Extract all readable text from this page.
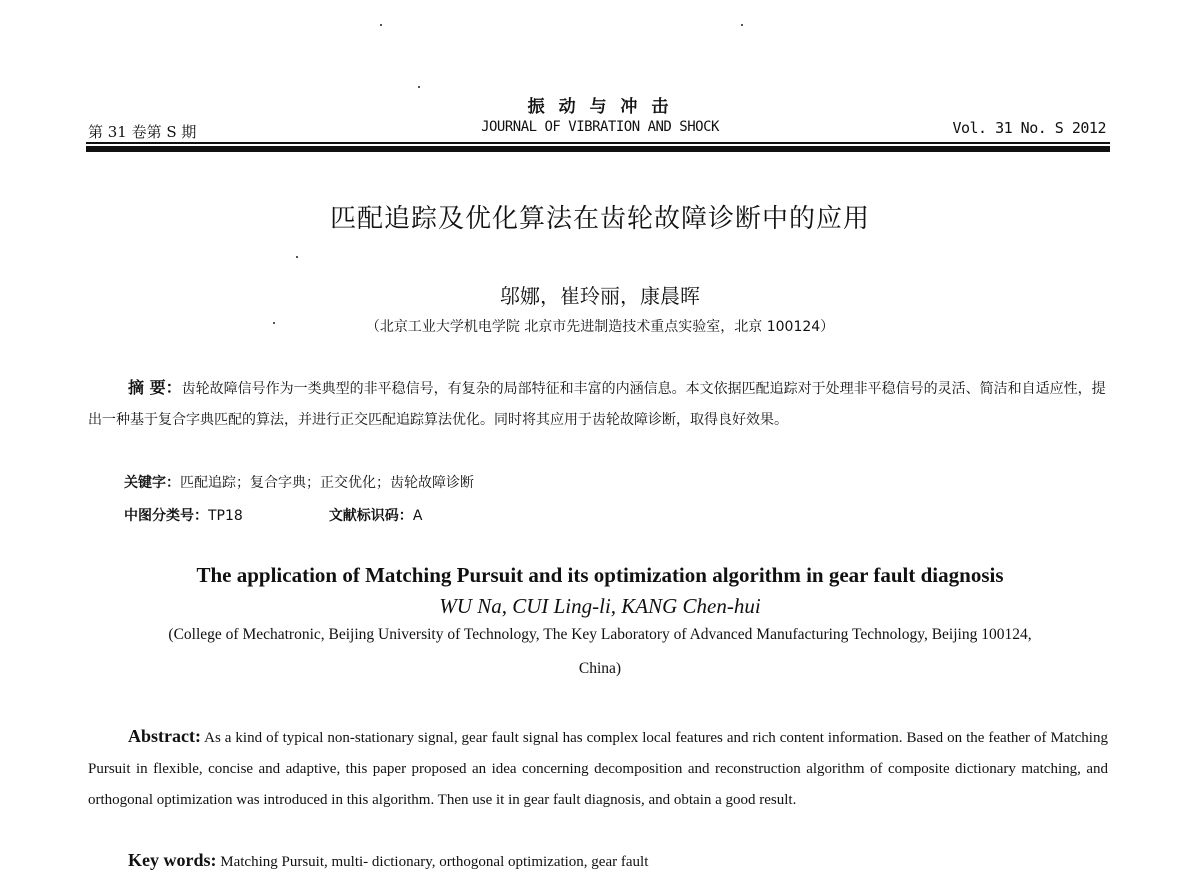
第 31 卷第 S 期
振 动 与 冲 击
JOURNAL OF VIBRATION AND SHOCK	Vol. 31 No. S 2012
匹配追踪及优化算法在齿轮故障诊断中的应用
邬娜，崔玲丽，康晨晖
（北京工业大学机电学院 北京市先进制造技术重点实验室，北京 100124）
摘 要：齿轮故障信号作为一类典型的非平稳信号，有复杂的局部特征和丰富的内涵信息。本文依据匹配追踪对于处理非平稳信号的灵活、简洁和自适应性，提出一种基于复合字典匹配的算法，并进行正交匹配追踪算法优化。同时将其应用于齿轮故障诊断，取得良好效果。
关键字：匹配追踪；复合字典；正交优化；齿轮故障诊断
中图分类号：TP18	文献标识码：A
The application of Matching Pursuit and its optimization algorithm in gear fault diagnosis
WU Na, CUI Ling-li, KANG Chen-hui
(College of Mechatronic, Beijing University of Technology, The Key Laboratory of Advanced Manufacturing Technology, Beijing 100124,
China)
Abstract: As a kind of typical non-stationary signal, gear fault signal has complex local features and rich content information. Based on the feather of Matching Pursuit in flexible, concise and adaptive, this paper proposed an idea concerning decomposition and reconstruction algorithm of composite dictionary matching, and orthogonal optimization was introduced in this algorithm. Then use it in gear fault diagnosis, and obtain a good result.
Key words: Matching Pursuit, multi- dictionary, orthogonal optimization, gear fault
